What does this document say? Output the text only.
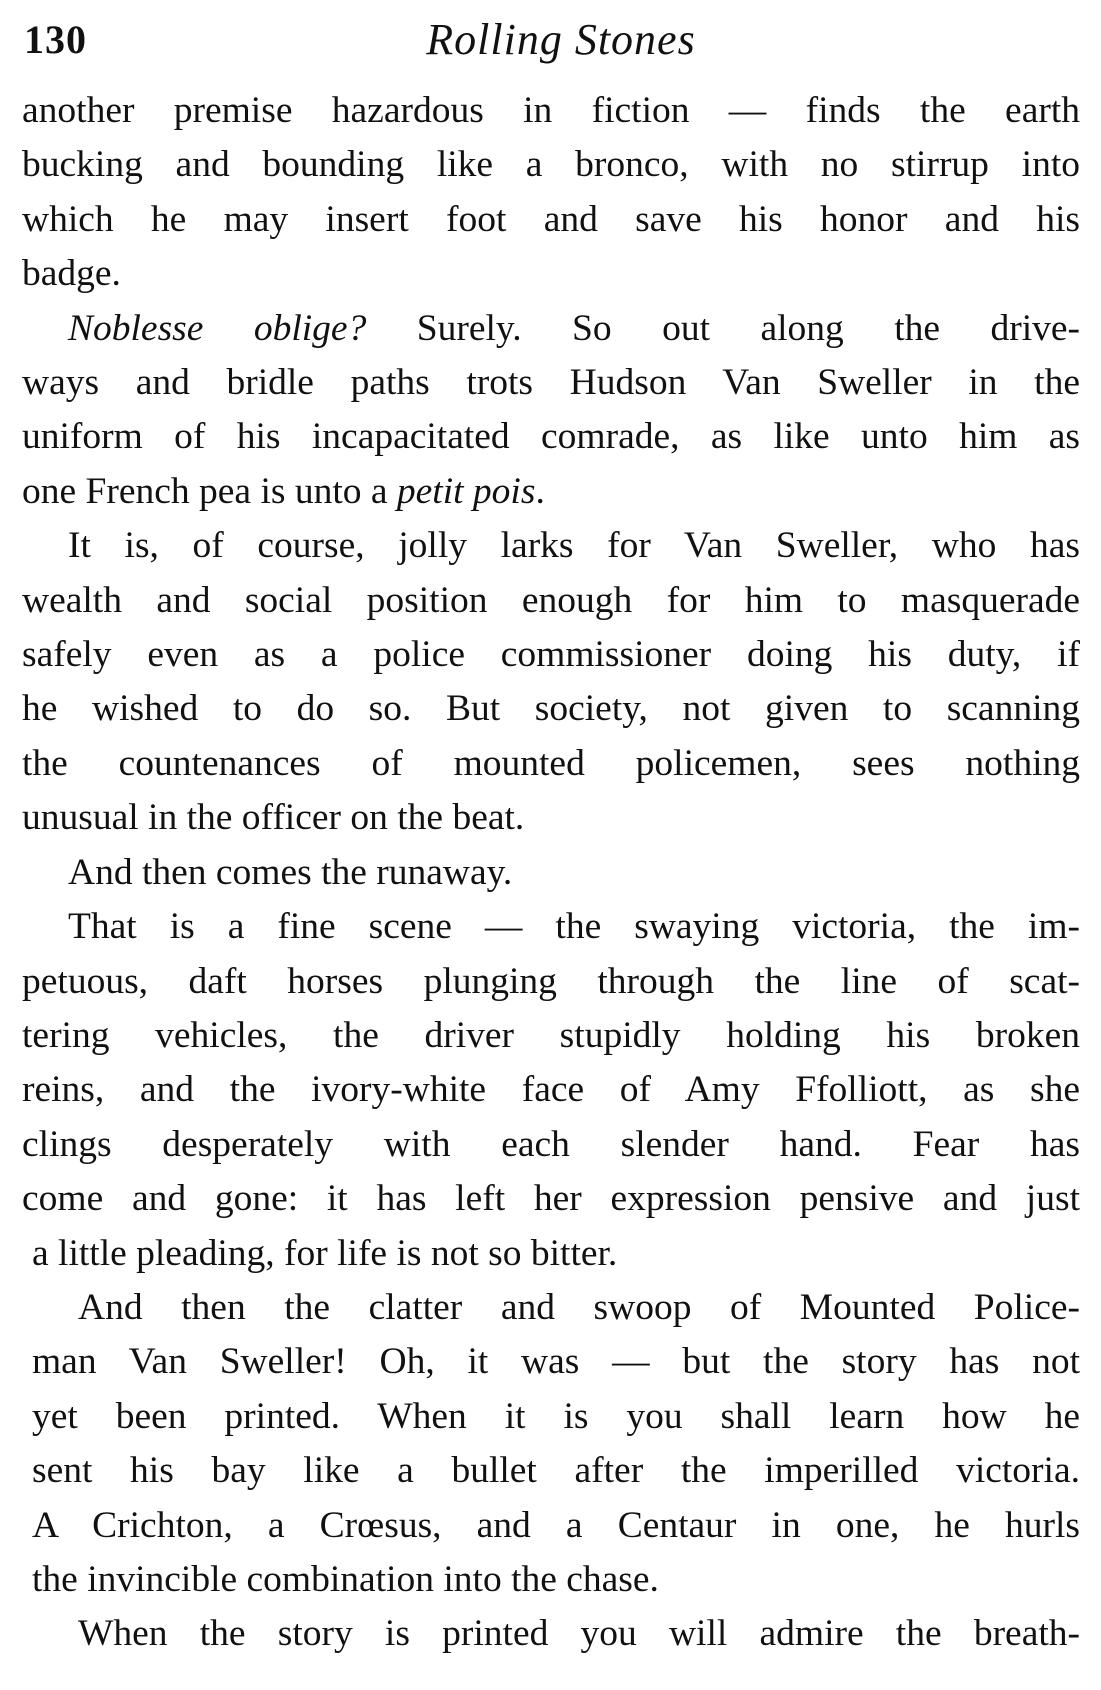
130	Rolling Stones

another premise hazardous in fiction — finds the earth
bucking and bounding like a bronco, with no stirrup into
which he may insert foot and save his honor and his
badge.

Noblesse oblige? Surely. So out along the drive-
ways and bridle paths trots Hudson Van Sweller in the
uniform of his incapacitated comrade, as like unto him as
one French pea is unto a petit pois.

It is, of course, jolly larks for Van Sweller, who has
wealth and social position enough for him to masquerade
safely even as a police commissioner doing his duty, if
he wished to do so. But society, not given to scanning
the countenances of mounted policemen, sees nothing
unusual in the officer on the beat.

And then comes the runaway.

That is a fine scene — the swaying victoria, the im-
petuous, daft horses plunging through the line of scat-
tering vehicles, the driver stupidly holding his broken
reins, and the ivory-white face of Amy Ffolliott, as she
clings desperately with each slender hand. Fear has
come and gone: it has left her expression pensive and just
a little pleading, for life is not so bitter.

And then the clatter and swoop of Mounted Police-
man Van Sweller! Oh, it was — but the story has not
yet been printed. When it is you shall learn how he
sent his bay like a bullet after the imperilled victoria.
A Crichton, a Crœsus, and a Centaur in one, he hurls
the invincible combination into the chase.

When the story is printed you will admire the breath-
